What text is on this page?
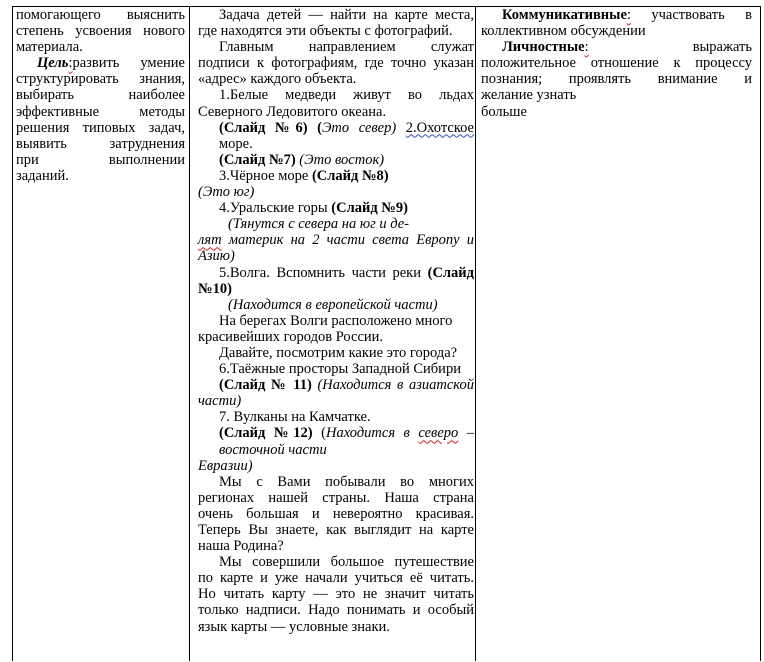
помогающего выяснить

степень усвоения нового

материала.

Цель:развить умение

структурировать знания,

выбирать наиболее

эффективные методы

решения типовых задач,

выявить затруднения

при выполнении

заданий.

Задача детей — найти на карте места,

где находятся эти объекты с фотографий.

Главным направлением служат

подписи к фотографиям, где точно указан

«адрес» каждого объекта.

1.Белые медведи живут во льдах

Северного Ледовитого океана.

(Слайд №6) (Это север) 2.Охотское

море.

(Слайд №7) (Это восток)

3.Чёрное море (Слайд №8)

(Это юг)

4.Уральские горы (Слайд №9)

(Тянутся с севера на юг и де-

лят материк на 2 части света Европу и

Азию)

5.Волга. Вспомнить части реки (Слайд

№10)

(Находится в европейской части)

На берегах Волги расположено много

красивейших городов России.

Давайте, посмотрим какие это города?

6.Таёжные просторы Западной Сибири

(Слайд № 11) (Находится в азиатской

части)

7. Вулканы на Камчатке.

(Слайд №12) (Находится в северо –

восточной части

Евразии)

Мы с Вами побывали во многих

регионах нашей страны. Наша страна

очень большая и невероятно красивая.

Теперь Вы знаете, как выглядит на карте

наша Родина?

Мы совершили большое путешествие

по карте и уже начали учиться её читать.

Но читать карту — это не значит читать

только надписи. Надо понимать и особый

язык карты — условные знаки.

Коммуникативные: участвовать в

коллективном обсуждении

Личностные:	выражать

положительное отношение к процессу

познания; проявлять внимание и

желание узнать

больше
